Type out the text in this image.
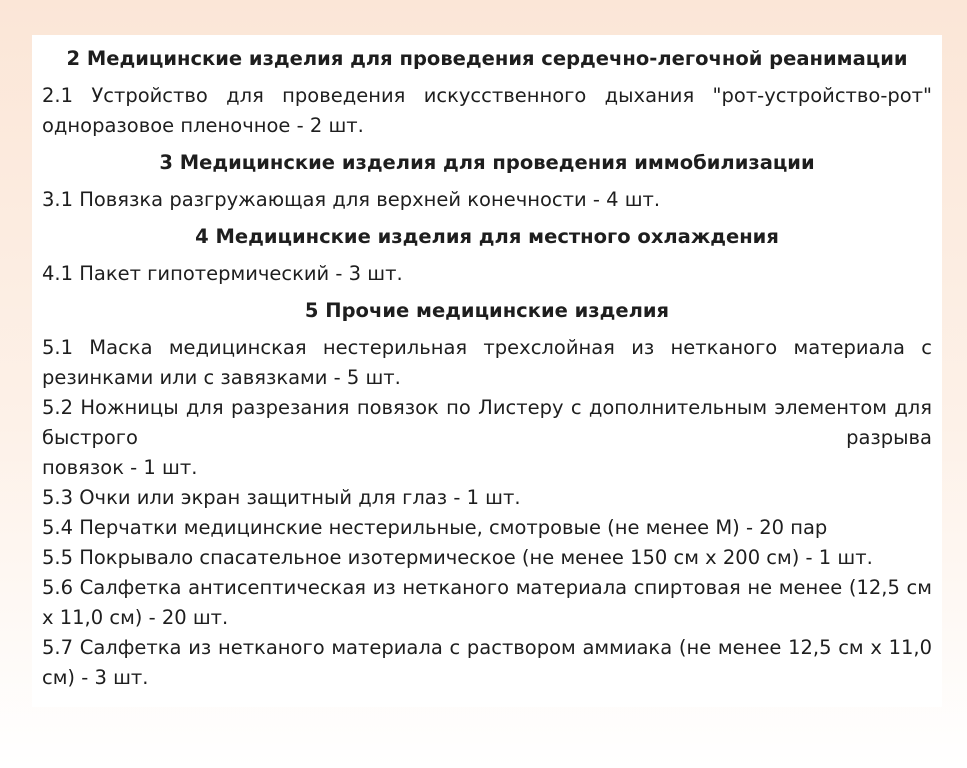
2 Медицинские изделия для проведения сердечно-легочной реанимации
2.1 Устройство для проведения искусственного дыхания "рот-устройство-рот" одноразовое пленочное - 2 шт.
3 Медицинские изделия для проведения иммобилизации
3.1 Повязка разгружающая для верхней конечности - 4 шт.
4 Медицинские изделия для местного охлаждения
4.1 Пакет гипотермический - 3 шт.
5 Прочие медицинские изделия
5.1 Маска медицинская нестерильная трехслойная из нетканого материала с резинками или с завязками - 5 шт.
5.2 Ножницы для разрезания повязок по Листеру с дополнительным элементом для быстрого разрыва
повязок - 1 шт.
5.3 Очки или экран защитный для глаз - 1 шт.
5.4 Перчатки медицинские нестерильные, смотровые (не менее M) - 20 пар
5.5 Покрывало спасательное изотермическое (не менее 150 см х 200 см) - 1 шт.
5.6 Салфетка антисептическая из нетканого материала спиртовая не менее (12,5 см х 11,0 см) - 20 шт.
5.7 Салфетка из нетканого материала с раствором аммиака (не менее 12,5 см х 11,0 см) - 3 шт.
